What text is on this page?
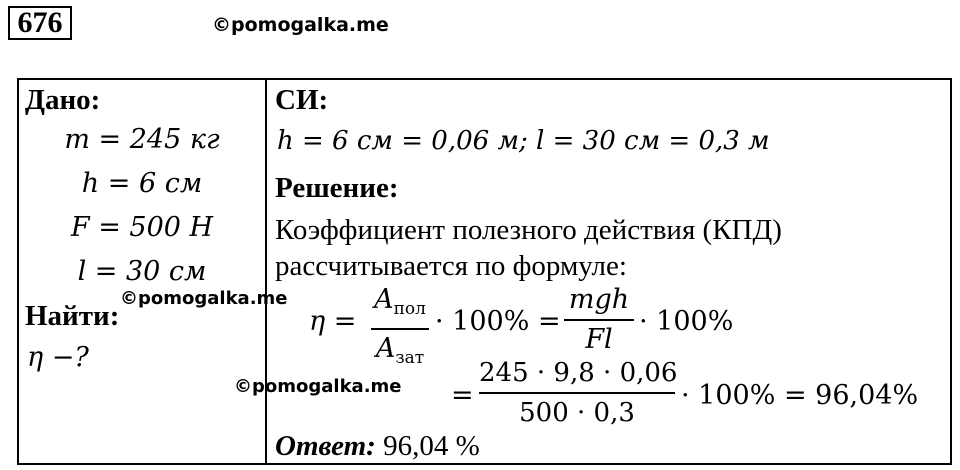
676	©pomogalka.me
Дано:
m = 245 кг
h = 6 см
F = 500 Н
l = 30 см
Найти:
η −?
СИ:
h = 6 см = 0,06 м; l = 30 см = 0,3 м
Решение:
Коэффициент полезного действия (КПД)
рассчитывается по формуле:
η =
$A_{пол}$
$A_{зат}$
· 100% =
mgh
Fl
· 100%
=
245 · 9,8 · 0,06
500 · 0,3
· 100% = 96,04%
Ответ: 96,04 %
©pomogalka.me
©pomogalka.me
